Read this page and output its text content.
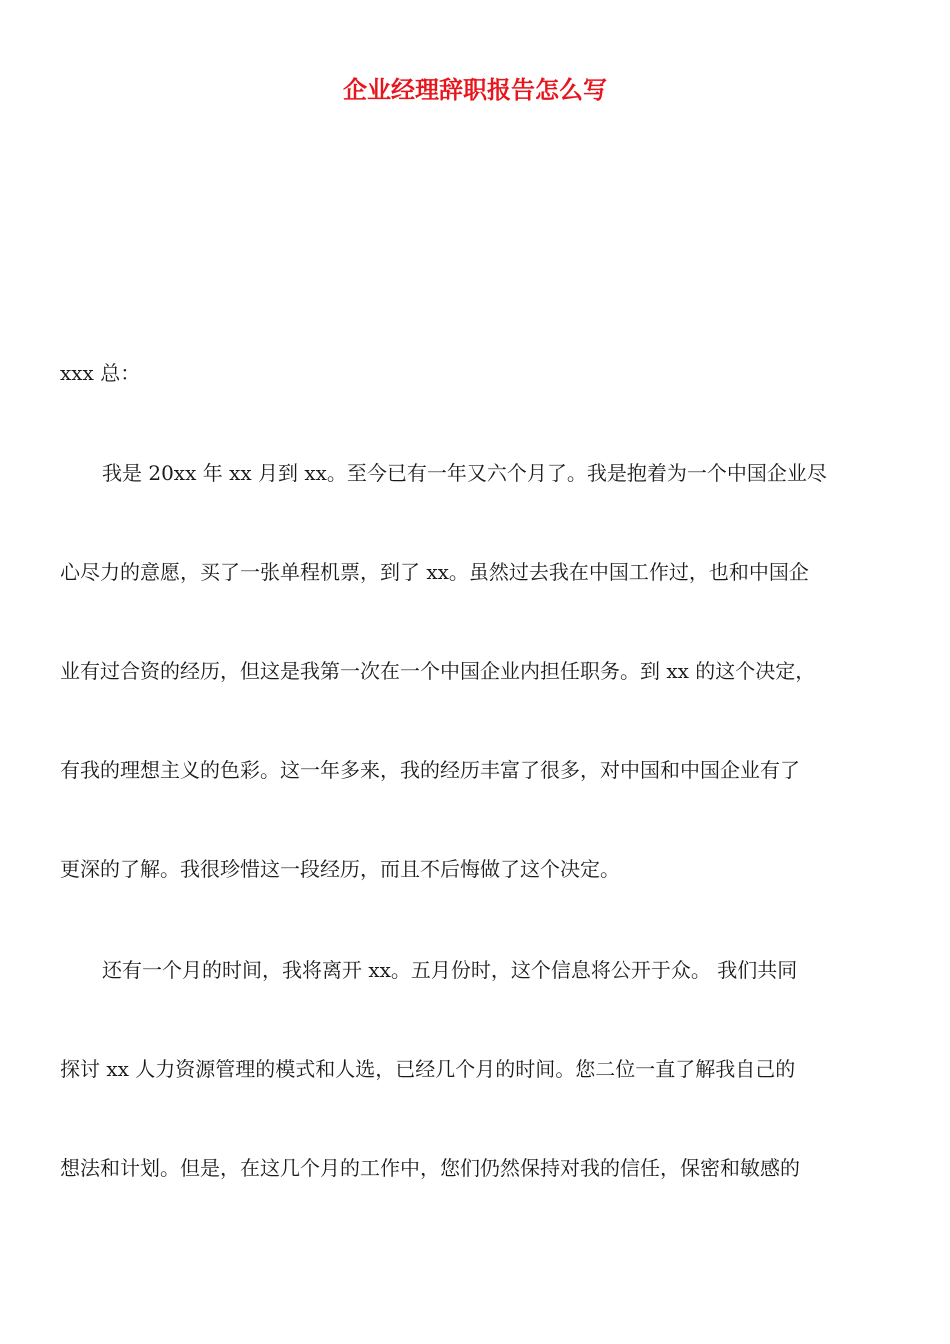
企业经理辞职报告怎么写
xxx 总：
我是 20xx 年 xx 月到 xx。至今已有一年又六个月了。我是抱着为一个中国企业尽
心尽力的意愿，买了一张单程机票，到了 xx。虽然过去我在中国工作过，也和中国企
业有过合资的经历，但这是我第一次在一个中国企业内担任职务。到 xx 的这个决定，
有我的理想主义的色彩。这一年多来，我的经历丰富了很多，对中国和中国企业有了
更深的了解。我很珍惜这一段经历，而且不后悔做了这个决定。
还有一个月的时间，我将离开 xx。五月份时，这个信息将公开于众。 我们共同
探讨 xx 人力资源管理的模式和人选，已经几个月的时间。您二位一直了解我自己的
想法和计划。但是，在这几个月的工作中，您们仍然保持对我的信任，保密和敏感的
